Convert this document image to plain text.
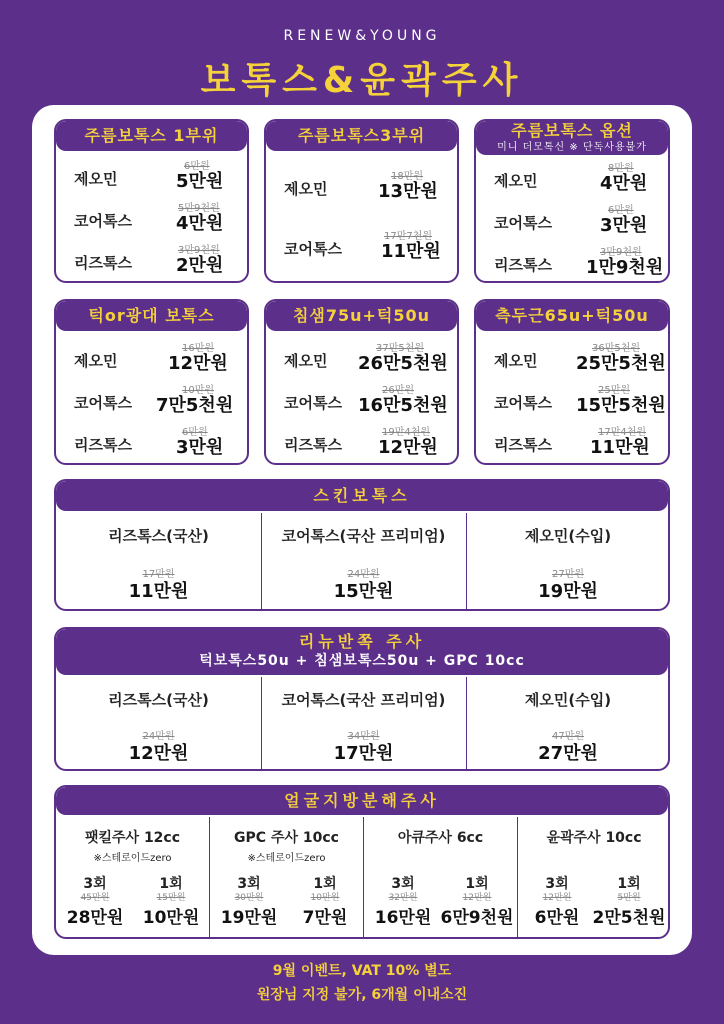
RENEW&YOUNG
보톡스&윤곽주사
주름보톡스 1부위
제오민
6만원
5만원
코어톡스
5만9천원
4만원
리즈톡스
3만9천원
2만원
주름보톡스3부위
제오민
18만원
13만원
코어톡스
17만7천원
11만원
주름보톡스 옵션
미니 더모톡신 ※ 단독사용불가
제오민
8만원
4만원
코어톡스
6만원
3만원
리즈톡스
3만9천원
1만9천원
턱or광대 보톡스
제오민
16만원
12만원
코어톡스
10만원
7만5천원
리즈톡스
6만원
3만원
침샘75u+턱50u
제오민
37만5천원
26만5천원
코어톡스
26만원
16만5천원
리즈톡스
19만4천원
12만원
측두근65u+턱50u
제오민
36만5천원
25만5천원
코어톡스
25만원
15만5천원
리즈톡스
17만4천원
11만원
스킨보톡스
리즈톡스(국산)
17만원
11만원
코어톡스(국산 프리미엄)
24만원
15만원
제오민(수입)
27만원
19만원
리뉴반쪽 주사
턱보톡스50u + 침샘보톡스50u + GPC 10cc
리즈톡스(국산)
24만원
12만원
코어톡스(국산 프리미엄)
34만원
17만원
제오민(수입)
47만원
27만원
얼굴지방분해주사
팻킬주사 12cc
※스테로이드zero
3회
45만원
28만원
1회
15만원
10만원
GPC 주사 10cc
※스테로이드zero
3회
30만원
19만원
1회
10만원
7만원
아큐주사 6cc
3회
32만원
16만원
1회
12만원
6만9천원
윤곽주사 10cc
3회
12만원
6만원
1회
5만원
2만5천원
9월 이벤트, VAT 10% 별도
원장님 지정 불가, 6개월 이내소진
